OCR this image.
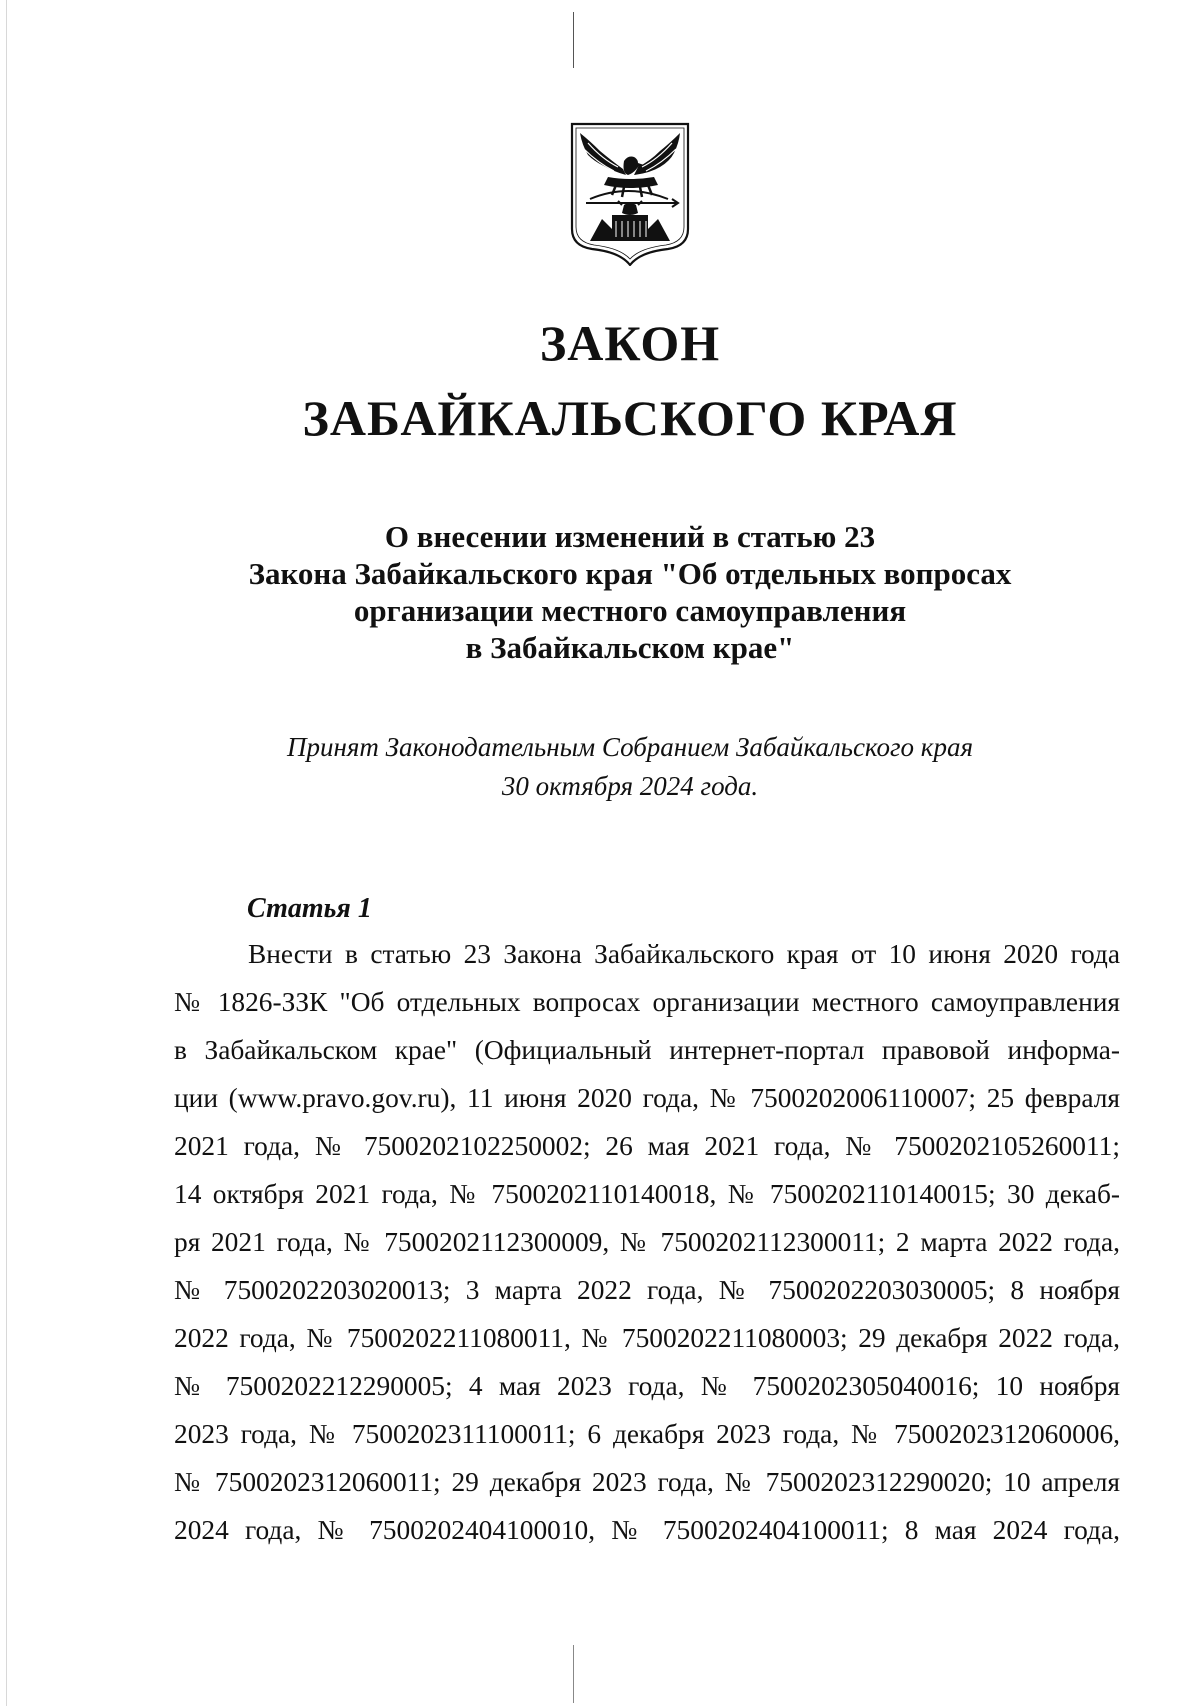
ЗАКОН
ЗАБАЙКАЛЬСКОГО КРАЯ
О внесении изменений в статью 23
Закона Забайкальского края "Об отдельных вопросах
организации местного самоуправления
в Забайкальском крае"
Принят Законодательным Собранием Забайкальского края
30 октября 2024 года.
Статья 1
Внести в статью 23 Закона Забайкальского края от 10 июня 2020 года
№ 1826-ЗЗК "Об отдельных вопросах организации местного самоуправления
в Забайкальском крае" (Официальный интернет-портал правовой информа-
ции (www.pravo.gov.ru), 11 июня 2020 года, № 7500202006110007; 25 февраля
2021 года, № 7500202102250002; 26 мая 2021 года, № 7500202105260011;
14 октября 2021 года, № 7500202110140018, № 7500202110140015; 30 декаб-
ря 2021 года, № 7500202112300009, № 7500202112300011; 2 марта 2022 года,
№ 7500202203020013; 3 марта 2022 года, № 7500202203030005; 8 ноября
2022 года, № 7500202211080011, № 7500202211080003; 29 декабря 2022 года,
№ 7500202212290005; 4 мая 2023 года, № 7500202305040016; 10 ноября
2023 года, № 7500202311100011; 6 декабря 2023 года, № 7500202312060006,
№ 7500202312060011; 29 декабря 2023 года, № 7500202312290020; 10 апреля
2024 года, № 7500202404100010, № 7500202404100011; 8 мая 2024 года,
